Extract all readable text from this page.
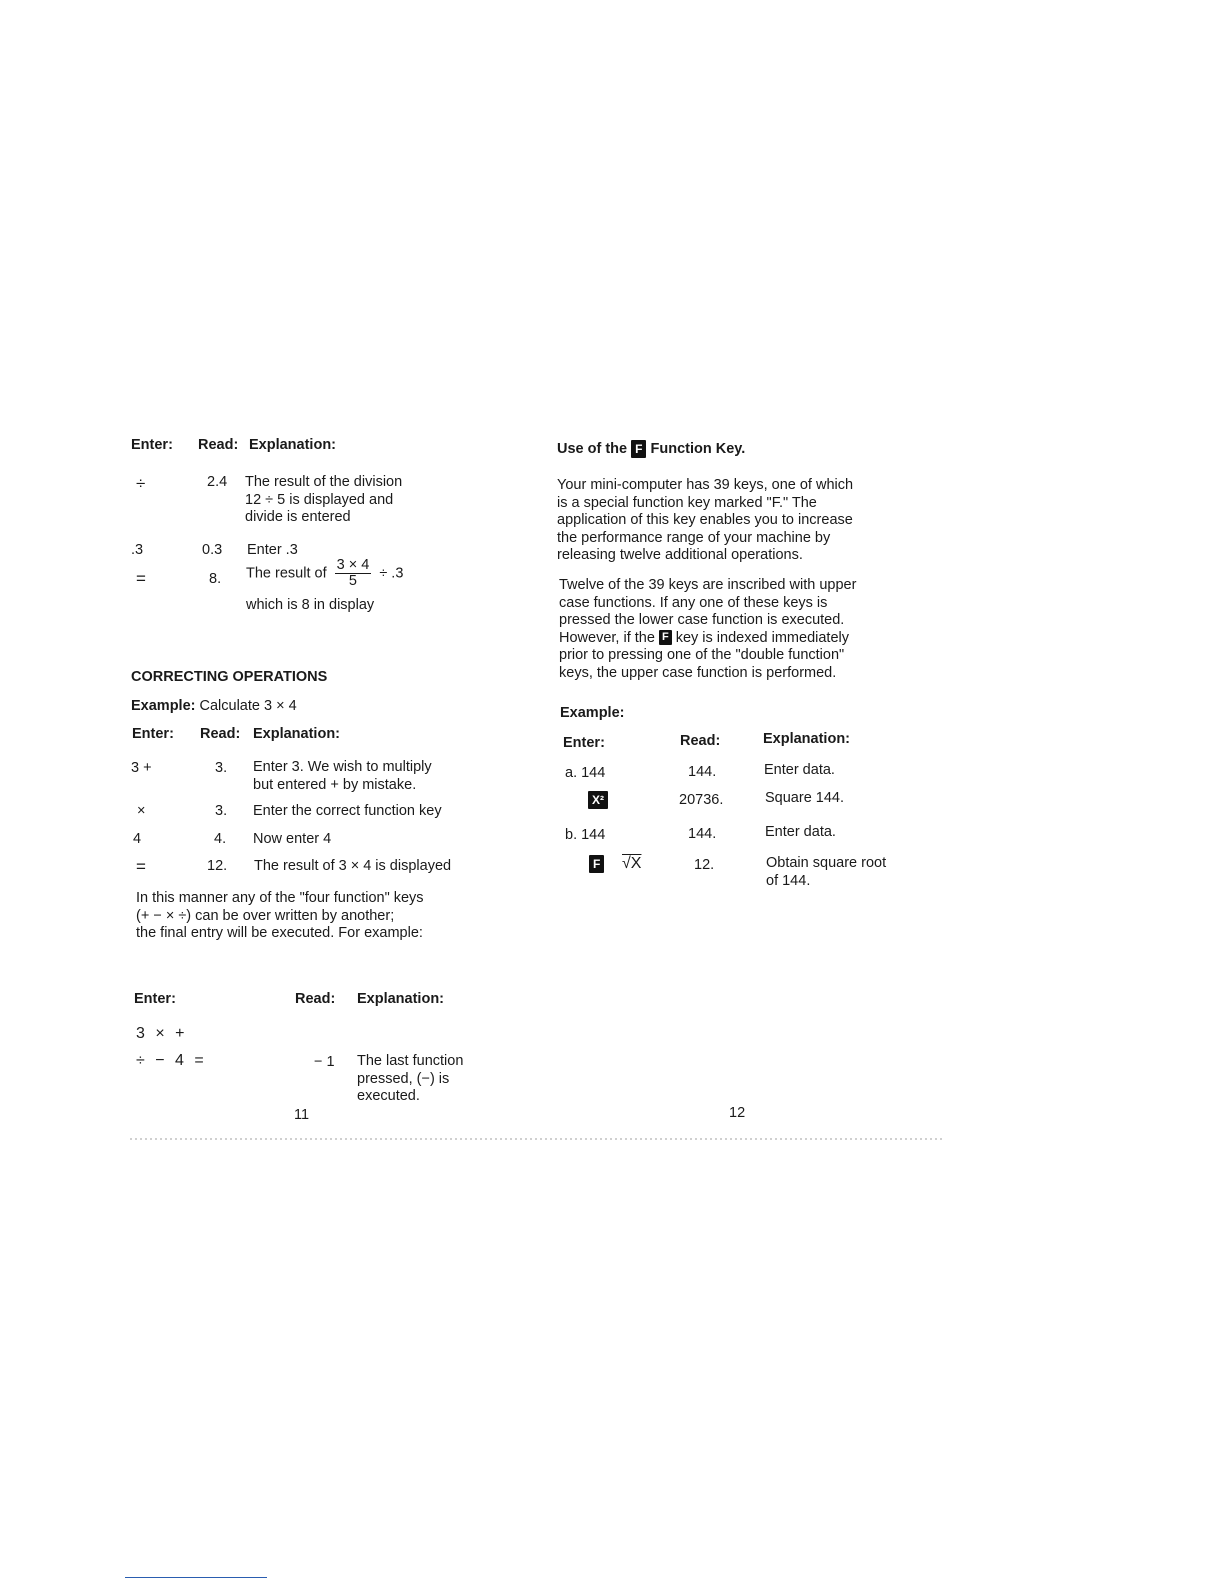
Enter: Read: Explanation:
÷	2.4 The result of the division
12 ÷ 5 is displayed and
divide is entered
.3	0.3 Enter .3
=	8. The result of $\frac{3 \times 4}{5} \div .3$
which is 8 in display
CORRECTING OPERATIONS
Example: Calculate 3 × 4
Enter: Read: Explanation:
3 +	3. Enter 3. We wish to multiply
but entered + by mistake.
×	3. Enter the correct function key
4	4. Now enter 4
=	12. The result of 3 × 4 is displayed
In this manner any of the "four function" keys
(+ − × ÷) can be over written by another;
the final entry will be executed. For example:
Enter:	Read: Explanation:
3 × +
÷ − 4 =	− 1 The last function
pressed, (−) is
executed.
11
Use of the F Function Key.
Your mini-computer has 39 keys, one of which
is a special function key marked "F." The
application of this key enables you to increase
the performance range of your machine by
releasing twelve additional operations.
Twelve of the 39 keys are inscribed with upper
case functions. If any one of these keys is
pressed the lower case function is executed.
However, if the F key is indexed immediately
prior to pressing one of the "double function"
keys, the upper case function is performed.
Example:
Enter:	Read:	Explanation:
a. 144	144.	Enter data.
X²	20736.	Square 144.
b. 144	144.	Enter data.
F √X	12.	Obtain square root
of 144.
12
